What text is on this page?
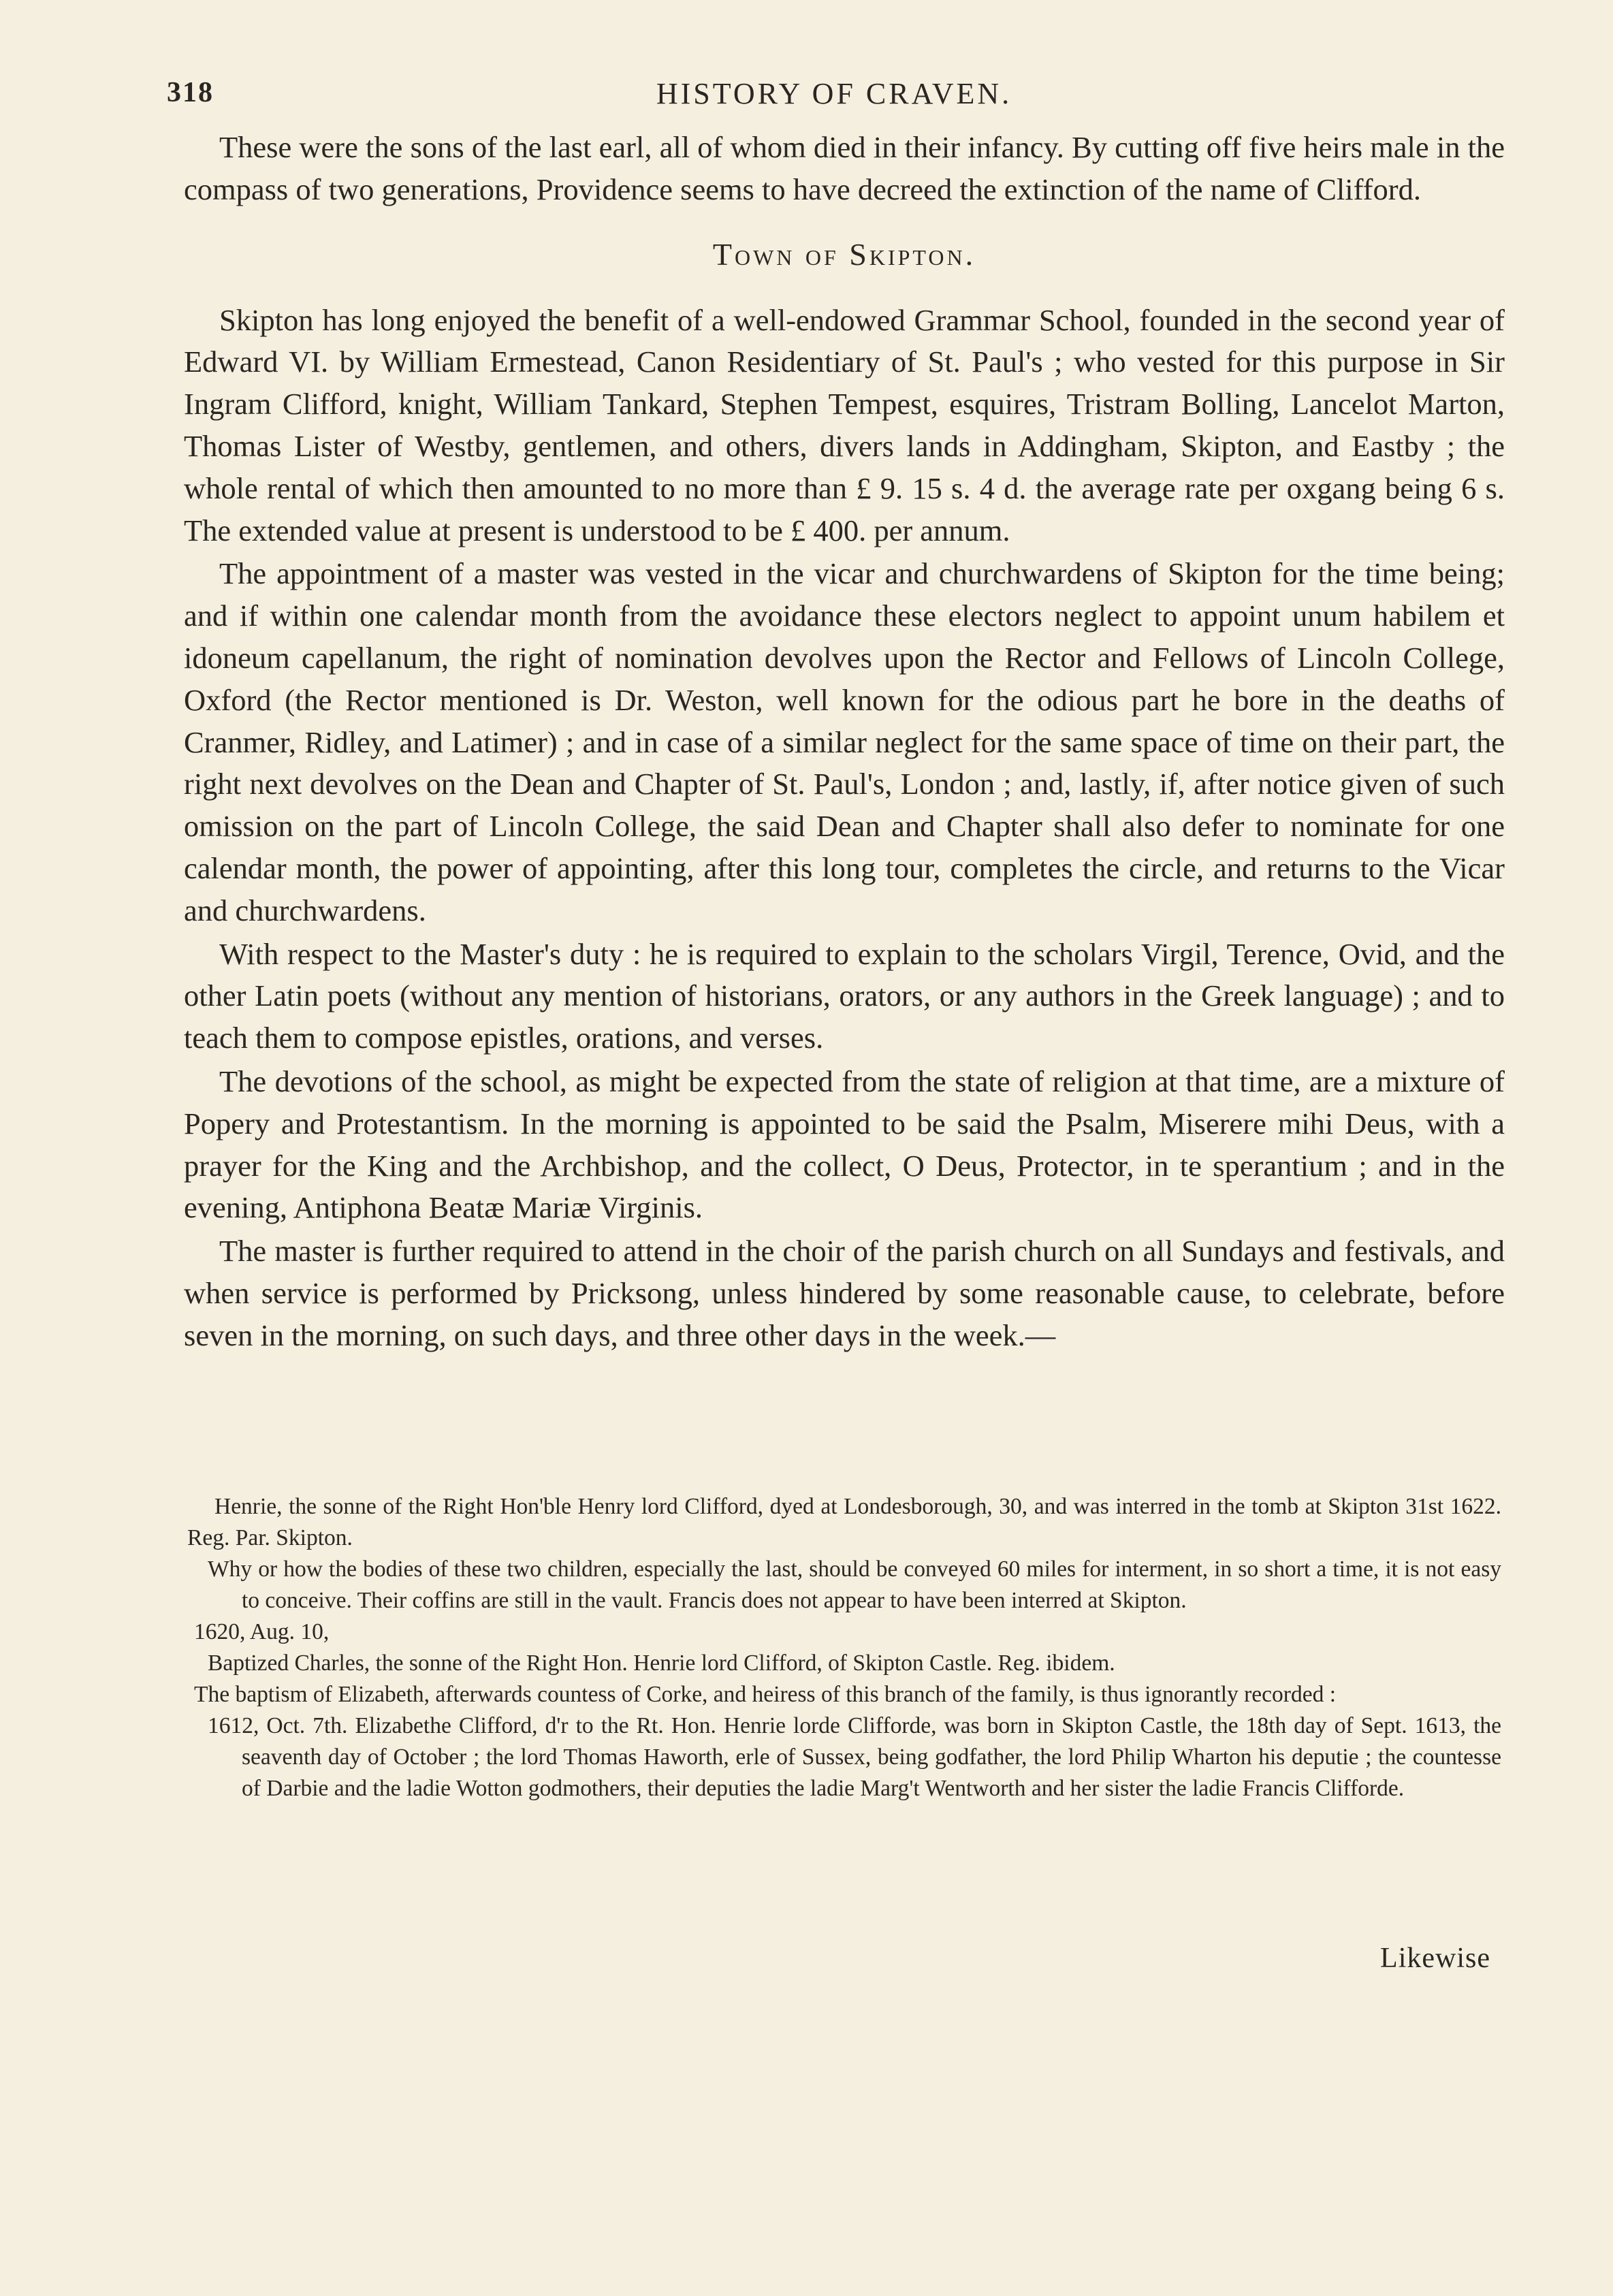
318	HISTORY OF CRAVEN.

These were the sons of the last earl, all of whom died in their infancy. By cutting off five heirs male in the compass of two generations, Providence seems to have decreed the extinction of the name of Clifford.

Town of Skipton.

Skipton has long enjoyed the benefit of a well-endowed Grammar School, founded in the second year of Edward VI. by William Ermestead, Canon Residentiary of St. Paul's ; who vested for this purpose in Sir Ingram Clifford, knight, William Tankard, Stephen Tempest, esquires, Tristram Bolling, Lancelot Marton, Thomas Lister of Westby, gentlemen, and others, divers lands in Addingham, Skipton, and Eastby ; the whole rental of which then amounted to no more than £ 9. 15 s. 4 d. the average rate per oxgang being 6 s. The extended value at present is understood to be £ 400. per annum.

The appointment of a master was vested in the vicar and churchwardens of Skipton for the time being; and if within one calendar month from the avoidance these electors neglect to appoint unum habilem et idoneum capellanum, the right of nomination devolves upon the Rector and Fellows of Lincoln College, Oxford (the Rector mentioned is Dr. Weston, well known for the odious part he bore in the deaths of Cranmer, Ridley, and Latimer) ; and in case of a similar neglect for the same space of time on their part, the right next devolves on the Dean and Chapter of St. Paul's, London ; and, lastly, if, after notice given of such omission on the part of Lincoln College, the said Dean and Chapter shall also defer to nominate for one calendar month, the power of appointing, after this long tour, completes the circle, and returns to the Vicar and churchwardens.

With respect to the Master's duty : he is required to explain to the scholars Virgil, Terence, Ovid, and the other Latin poets (without any mention of historians, orators, or any authors in the Greek language) ; and to teach them to compose epistles, orations, and verses.

The devotions of the school, as might be expected from the state of religion at that time, are a mixture of Popery and Protestantism. In the morning is appointed to be said the Psalm, Miserere mihi Deus, with a prayer for the King and the Archbishop, and the collect, O Deus, Protector, in te sperantium ; and in the evening, Antiphona Beatæ Mariæ Virginis.

The master is further required to attend in the choir of the parish church on all Sundays and festivals, and when service is performed by Pricksong, unless hindered by some reasonable cause, to celebrate, before seven in the morning, on such days, and three other days in the week.—

Henrie, the sonne of the Right Hon'ble Henry lord Clifford, dyed at Londesborough, 30, and was interred in the tomb at Skipton 31st 1622. Reg. Par. Skipton.

Why or how the bodies of these two children, especially the last, should be conveyed 60 miles for interment, in so short a time, it is not easy to conceive. Their coffins are still in the vault. Francis does not appear to have been interred at Skipton.

1620, Aug. 10,

Baptized Charles, the sonne of the Right Hon. Henrie lord Clifford, of Skipton Castle. Reg. ibidem.

The baptism of Elizabeth, afterwards countess of Corke, and heiress of this branch of the family, is thus ignorantly recorded :

1612, Oct. 7th. Elizabethe Clifford, d'r to the Rt. Hon. Henrie lorde Clifforde, was born in Skipton Castle, the 18th day of Sept. 1613, the seaventh day of October ; the lord Thomas Haworth, erle of Sussex, being godfather, the lord Philip Wharton his deputie ; the countesse of Darbie and the ladie Wotton godmothers, their deputies the ladie Marg't Wentworth and her sister the ladie Francis Clifforde.

Likewise
